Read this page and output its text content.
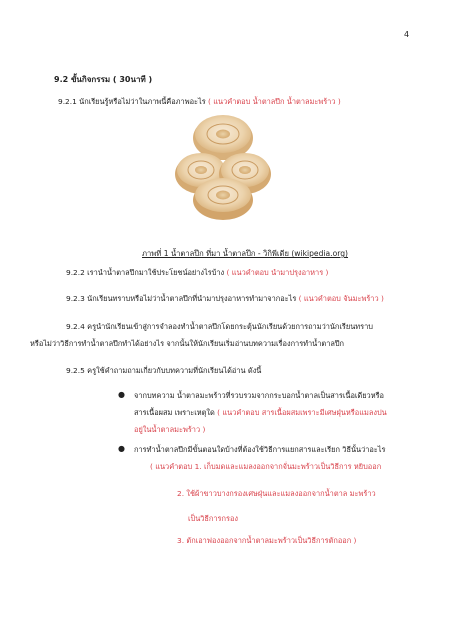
4
9.2 ขั้นกิจกรรม ( 30นาที )
9.2.1 นักเรียนรู้หรือไม่ว่าในภาพนี้คือภาพอะไร ( แนวคำตอบ น้ำตาลปึก น้ำตาลมะพร้าว )
ภาพที่ 1 น้ำตาลปึก ที่มา น้ำตาลปึก - วิกิพีเดีย (wikipedia.org)
9.2.2 เรานำน้ำตาลปึกมาใช้ประโยชน์อย่างไรบ้าง ( แนวคำตอบ นำมาปรุงอาหาร )
9.2.3 นักเรียนทราบหรือไม่ว่าน้ำตาลปึกที่นำมาปรุงอาหารทำมาจากอะไร ( แนวคำตอบ จันมะพร้าว )
9.2.4 ครูนำนักเรียนเข้าสู่การจำลองทำน้ำตาลปึกโดยกระตุ้นนักเรียนด้วยการถามว่านักเรียนทราบ
หรือไม่ว่าวิธีการทำน้ำตาลปึกทำได้อย่างไร จากนั้นให้นักเรียนเริ่มอ่านบทความเรื่องการทำน้ำตาลปึก
9.2.5 ครูใช้คำถามถามเกี่ยวกับบทความที่นักเรียนได้อ่าน ดังนี้
● จากบทความ น้ำตาลมะพร้าวที่รวบรวมจากกระบอกน้ำตาลเป็นสารเนื้อเดียวหรือ
สารเนื้อผสม เพราะเหตุใด ( แนวคำตอบ สารเนื้อผสมเพราะมีเศษฝุ่นหรือแมลงปน
อยู่ในน้ำตาลมะพร้าว )
● การทำน้ำตาลปึกมีขั้นตอนใดบ้างที่ต้องใช้วิธีการแยกสารและเรียก วิธีนั้นว่าอะไร
( แนวคำตอบ 1. เก็บมดและแมลงออกจากจั่นมะพร้าวเป็นวิธีการ หยิบออก
2. ใช้ผ้าขาวบางกรองเศษฝุ่นและแมลงออกจากน้ำตาล มะพร้าว
เป็นวิธีการกรอง
3. ตักเอาฟองออกจากน้ำตาลมะพร้าวเป็นวิธีการตักออก )
